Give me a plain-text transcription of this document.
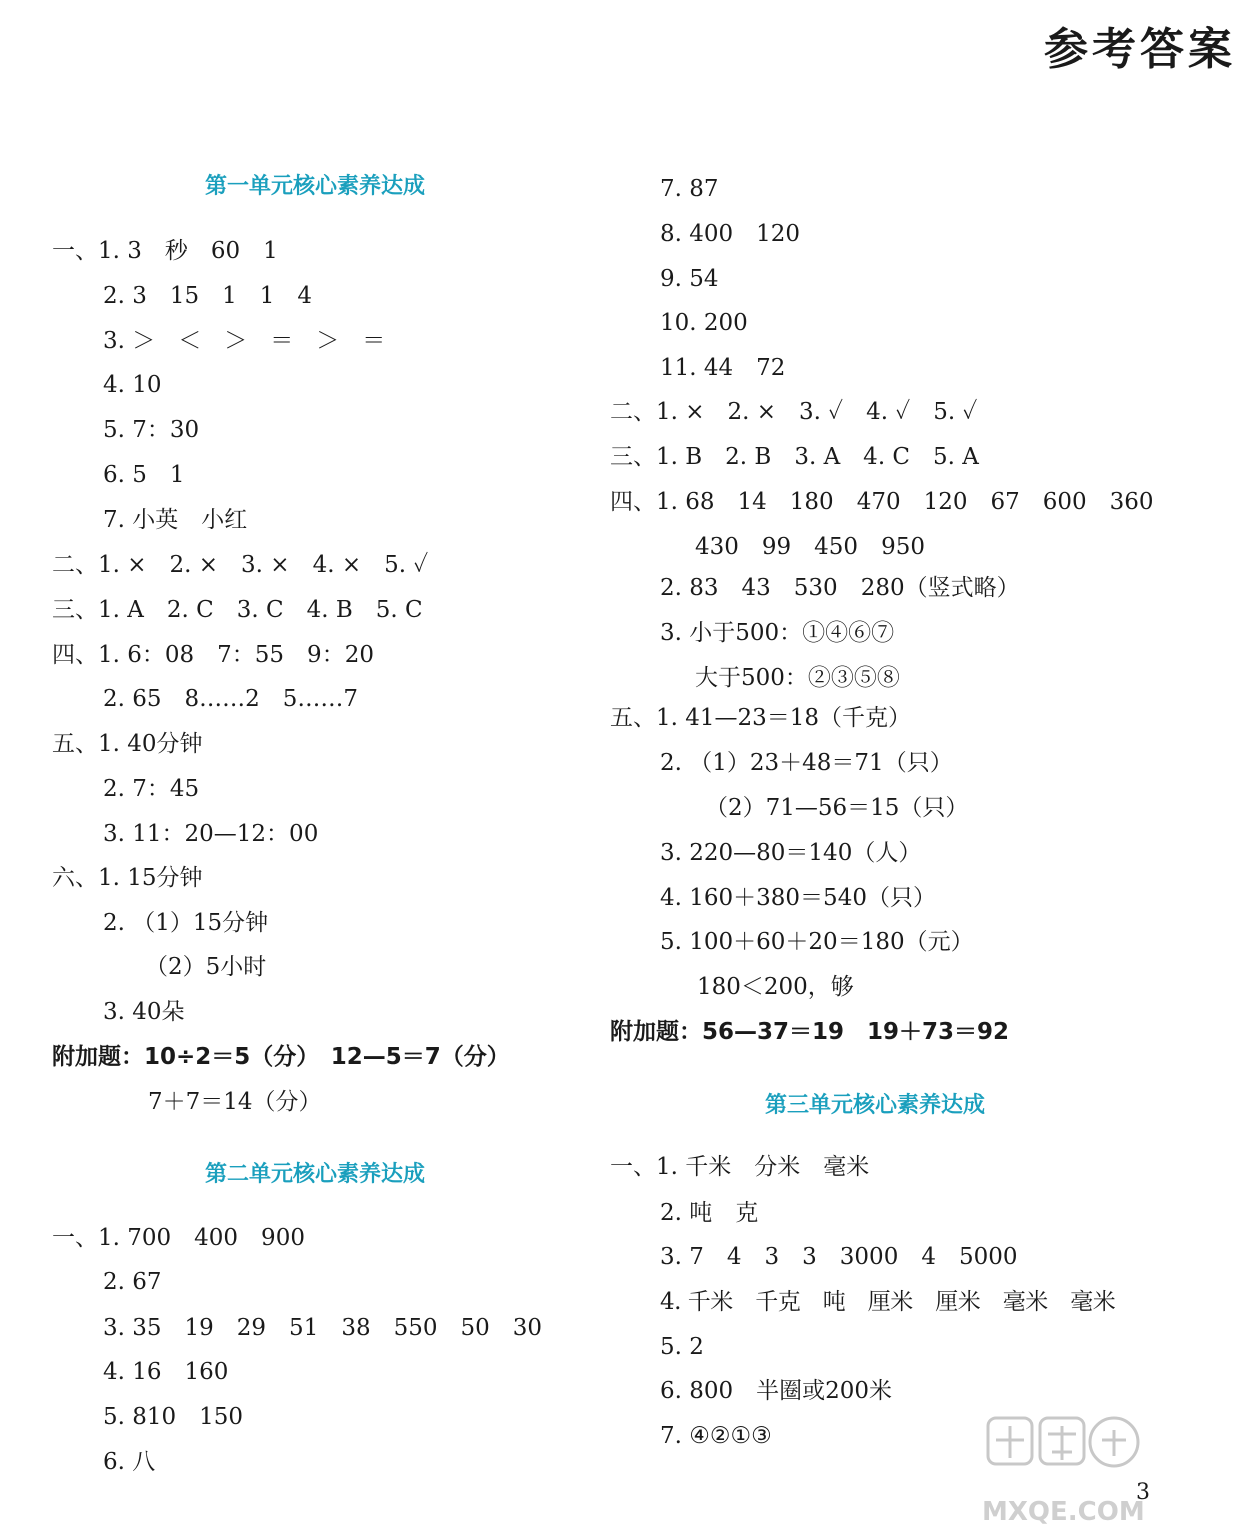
参考答案
第一单元核心素养达成
一、1. 3　秒　60　1
2. 3　15　1　1　4
3. ＞　＜　＞　＝　＞　＝
4. 10
5. 7：30
6. 5　1
7. 小英　小红
二、1. ×　2. ×　3. ×　4. ×　5. ✓
三、1. A　2. C　3. C　4. B　5. C
四、1. 6：08　7：55　9：20
2. 65　8……2　5……7
五、1. 40分钟
2. 7：45
3. 11：20—12：00
六、1. 15分钟
2. （1）15分钟
（2）5小时
3. 40朵
附加题：10÷2＝5（分）　12—5＝7（分）
7＋7＝14（分）
第二单元核心素养达成
一、1. 700　400　900
2. 67
3. 35　19　29　51　38　550　50　30
4. 16　160
5. 810　150
6. 八
7. 87
8. 400　120
9. 54
10. 200
11. 44　72
二、1. ×　2. ×　3. ✓　4. ✓　5. ✓
三、1. B　2. B　3. A　4. C　5. A
四、1. 68　14　180　470　120　67　600　360
430　99　450　950
2. 83　43　530　280（竖式略）
3. 小于500：①④⑥⑦
大于500：②③⑤⑧
五、1. 41—23＝18（千克）
2. （1）23＋48＝71（只）
（2）71—56＝15（只）
3. 220—80＝140（人）
4. 160＋380＝540（只）
5. 100＋60＋20＝180（元）
180＜200，够
附加题：56—37＝19　19＋73＝92
第三单元核心素养达成
一、1. 千米　分米　毫米
2. 吨　克
3. 7　4　3　3　3000　4　5000
4. 千米　千克　吨　厘米　厘米　毫米　毫米
5. 2
6. 800　半圈或200米
7. ④②①③
MXQE.COM
3
